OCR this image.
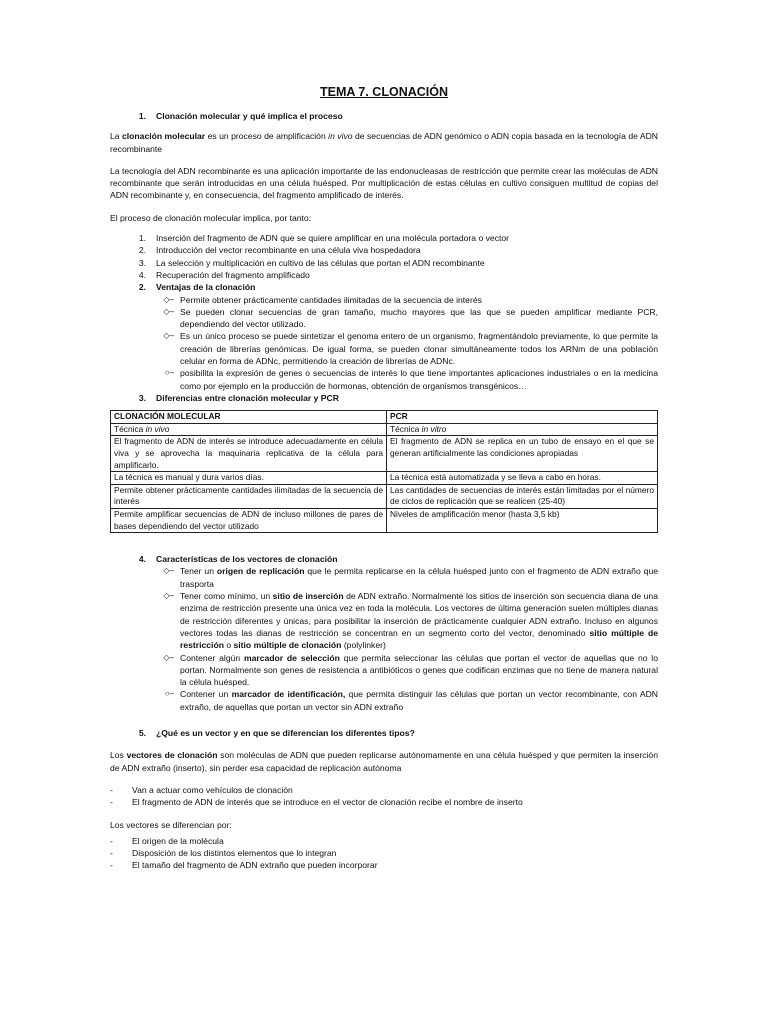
TEMA 7. CLONACIÓN
1.	Clonación molecular y qué implica el proceso

La clonación molecular es un proceso de amplificación in vivo de secuencias de ADN genómico o ADN copia basada en la tecnología de ADN recombinante

La tecnología del ADN recombinante es una aplicación importante de las endonucleasas de restricción que permite crear las moléculas de ADN recombinante que serán introducidas en una célula huésped. Por multiplicación de estas células en cultivo consiguen multitud de copias del ADN recombinante y, en consecuencia, del fragmento amplificado de interés.

El proceso de clonación molecular implica, por tanto:

1.	Inserción del fragmento de ADN que se quiere amplificar en una molécula portadora o vector
2.	Introducción del vector recombinante en una célula viva hospedadora
3.	La selección y multiplicación en cultivo de las células que portan el ADN recombinante
4.	Recuperación del fragmento amplificado
2.	Ventajas de la clonación
◇– Permite obtener prácticamente cantidades ilimitadas de la secuencia de interés
◇– Se pueden clonar secuencias de gran tamaño, mucho mayores que las que se pueden amplificar mediante PCR, dependiendo del vector utilizado.
◇– Es un único proceso se puede sintetizar el genoma entero de un organismo, fragmentándolo previamente, lo que permite la creación de librerías genómicas. De igual forma, se pueden clonar simultáneamente todos los ARNm de una población celular en forma de ADNc, permitiendo la creación de librerías de ADNc.
○– posibilita la expresión de genes o secuencias de interés lo que tiene importantes aplicaciones industriales o en la medicina como por ejemplo en la producción de hormonas, obtención de organismos transgénicos…
3.	Diferencias entre clonación molecular y PCR
CLONACIÓN MOLECULAR	PCR
Técnica in vivo	Técnica in vitro
El fragmento de ADN de interés se introduce adecuadamente en célula viva y se aprovecha la maquinaria replicativa de la célula para amplificarlo.	El fragmento de ADN se replica en un tubo de ensayo en el que se generan artificialmente las condiciones apropiadas
La técnica es manual y dura varios días.	La técnica está automatizada y se lleva a cabo en horas.
Permite obtener prácticamente cantidades ilimitadas de la secuencia de interés	Las cantidades de secuencias de interés están limitadas por el número de ciclos de replicación que se realicen (25-40)
Permite amplificar secuencias de ADN de incluso millones de pares de bases dependiendo del vector utilizado	Niveles de amplificación menor (hasta 3,5 kb)
4.	Características de los vectores de clonación
◇– Tener un origen de replicación que le permita replicarse en la célula huésped junto con el fragmento de ADN extraño que trasporta
◇– Tener como mínimo, un sitio de inserción de ADN extraño. Normalmente los sitios de inserción son secuencia diana de una enzima de restricción presente una única vez en toda la molécula. Los vectores de última generación suelen múltiples dianas de restricción diferentes y únicas, para posibilitar la inserción de prácticamente cualquier ADN extraño. Incluso en algunos vectores todas las dianas de restricción se concentran en un segmento corto del vector, denominado sitio múltiple de restricción o sitio múltiple de clonación (polylinker)
◇– Contener algún marcador de selección que permita seleccionar las células que portan el vector de aquellas que no lo portan. Normalmente son genes de resistencia a antibióticos o genes que codifican enzimas que no tiene de manera natural la célula huésped.
○– Contener un marcador de identificación, que permita distinguir las células que portan un vector recombinante, con ADN extraño, de aquellas que portan un vector sin ADN extraño
5.	¿Qué es un vector y en que se diferencian los diferentes tipos?

Los vectores de clonación son moléculas de ADN que pueden replicarse autónomamente en una célula huésped y que permiten la inserción de ADN extraño (inserto), sin perder esa capacidad de replicación autónoma

-	Van a actuar como vehículos de clonación
-	El fragmento de ADN de interés que se introduce en el vector de clonación recibe el nombre de inserto

Los vectores se diferencian por:

-	El origen de la molécula
-	Disposición de los distintos elementos que lo integran
-	El tamaño del fragmento de ADN extraño que pueden incorporar
